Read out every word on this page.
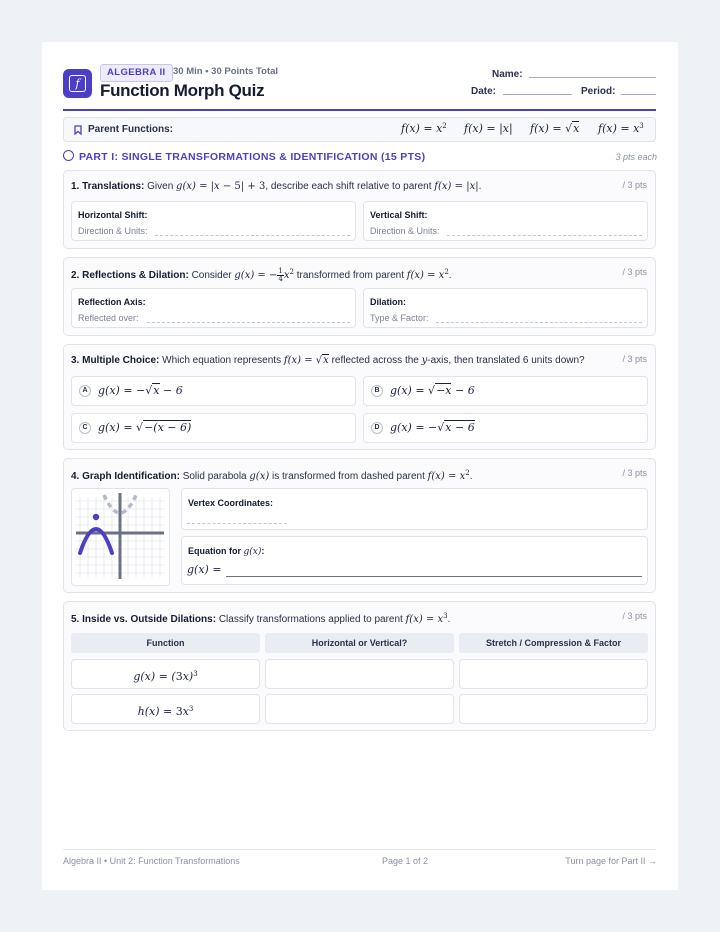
f
ALGEBRA II 30 Min • 30 Points Total
Function Morph Quiz
Name:
Date:	Period:
Parent Functions:	$f(x) = x^2$ f(x) = |x| f(x) = √x $f(x) = x^3$
PART I: SINGLE TRANSFORMATIONS & IDENTIFICATION (15 PTS)	3 pts each
1. Translations: Given g(x) = |x − 5| + 3, describe each shift relative to parent f(x) = |x|.	/ 3 pts
Horizontal Shift:
Direction & Units:
Vertical Shift:
Direction & Units:
2. Reflections & Dilation: Consider g(x) = − $\frac{1}{4} x^2$ transformed from parent $f(x) = x^2$.	/ 3 pts
Reflection Axis:
Reflected over:
Dilation:
Type & Factor:
3. Multiple Choice: Which equation represents f(x) = √x reflected across the y-axis, then translated 6 units down?	/ 3 pts
A g(x) = −√x − 6	B g(x) = √−x − 6
C g(x) = √−(x − 6)	D g(x) = −√x − 6
4. Graph Identification: Solid parabola g(x) is transformed from dashed parent $f(x) = x^2$.	/ 3 pts
Vertex Coordinates:
Equation for g(x):
g(x) =
5. Inside vs. Outside Dilations: Classify transformations applied to parent $f(x) = x^3$.	/ 3 pts
Function	Horizontal or Vertical?	Stretch / Compression & Factor
$g(x) = (3x)^3$
$h(x) = 3x^3$
Algebra II • Unit 2: Function Transformations	Page 1 of 2	Turn page for Part II →
